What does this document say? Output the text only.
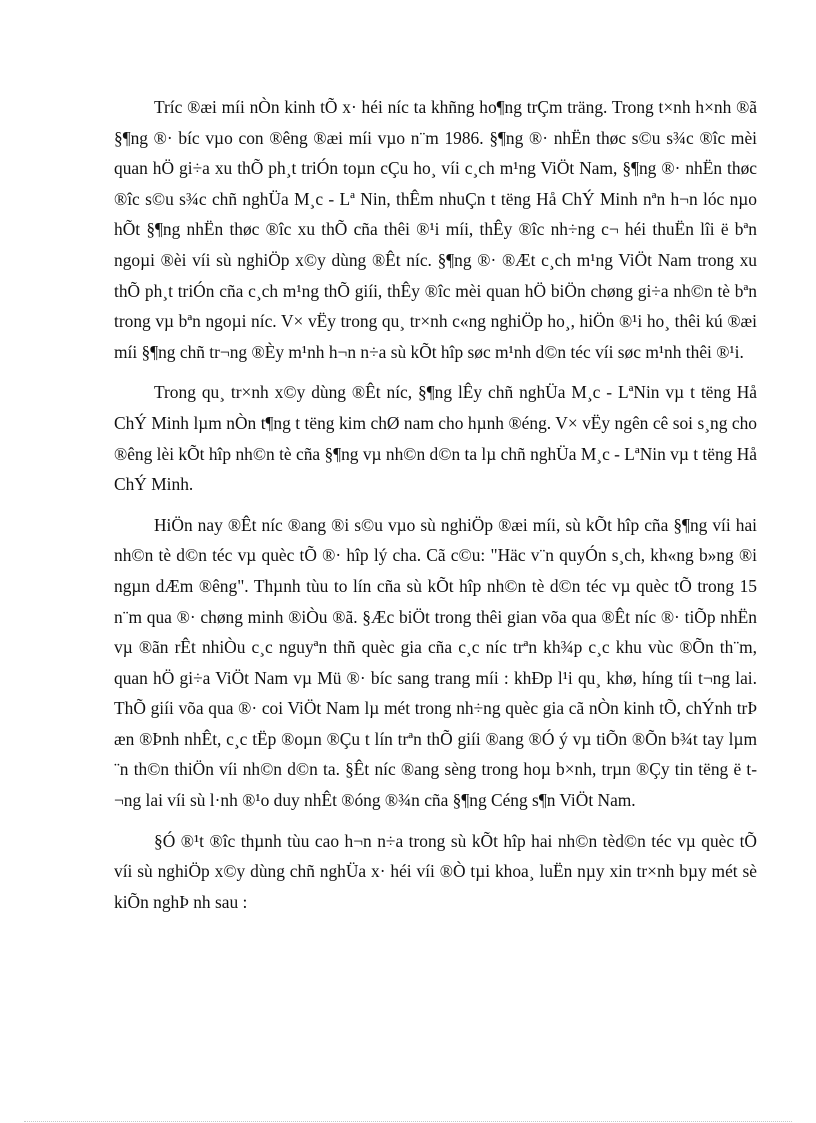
Tríc ®æi míi nÒn kinh tÕ x· héi níc ta khñng ho¶ng trÇm träng. Trong t×nh h×nh ®ã §¶ng ®· bíc vµo con ®êng ®æi míi vµo n¨m 1986. §¶ng ®· nhËn thøc s©u s¾c ®îc mèi quan hÖ gi÷a xu thÕ ph¸t triÓn toµn cÇu ho¸ víi c¸ch m¹ng ViÖt Nam, §¶ng ®· nhËn thøc ®îc s©u s¾c chñ nghÜa M¸c - Lª Nin, thÊm nhuÇn t tëng Hå ChÝ Minh nªn h¬n lóc nµo hÕt §¶ng nhËn thøc ®îc xu thÕ cña thêi ®¹i míi, thÊy ®îc nh÷ng c¬ héi thuËn lîi ë bªn ngoµi ®èi víi sù nghiÖp x©y dùng ®Êt níc. §¶ng ®· ®Æt c¸ch m¹ng ViÖt Nam trong xu thÕ ph¸t triÓn cña c¸ch m¹ng thÕ giíi, thÊy ®îc mèi quan hÖ biÖn chøng gi÷a nh©n tè bªn trong vµ bªn ngoµi níc. V× vËy trong qu¸ tr×nh c«ng nghiÖp ho¸, hiÖn ®¹i ho¸ thêi kú ®æi míi §¶ng chñ tr¬ng ®Èy m¹nh h¬n n÷a sù kÕt hîp søc m¹nh d©n téc víi søc m¹nh thêi ®¹i.

Trong qu¸ tr×nh x©y dùng ®Êt níc, §¶ng lÊy chñ nghÜa M¸c - LªNin vµ t tëng Hå ChÝ Minh lµm nÒn t¶ng t tëng kim chØ nam cho hµnh ®éng. V× vËy ngên cê soi s¸ng cho ®êng lèi kÕt hîp nh©n tè cña §¶ng vµ nh©n d©n ta lµ chñ nghÜa M¸c - LªNin vµ t tëng Hå ChÝ Minh.

HiÖn nay ®Êt níc ®ang ®i s©u vµo sù nghiÖp ®æi míi, sù kÕt hîp cña §¶ng víi hai nh©n tè d©n téc vµ quèc tÕ ®· hîp lý cha. Cã c©u: "Häc v¨n quyÓn s¸ch, kh«ng b»ng ®i ngµn dÆm ®êng". Thµnh tùu to lín cña sù kÕt hîp nh©n tè d©n téc vµ quèc tÕ trong 15 n¨m qua ®· chøng minh ®iÒu ®ã. §Æc biÖt trong thêi gian võa qua ®Êt níc ®· tiÕp nhËn vµ ®ãn rÊt nhiÒu c¸c nguyªn thñ quèc gia cña c¸c níc trªn kh¾p c¸c khu vùc ®Õn th¨m, quan hÖ gi÷a ViÖt Nam vµ Mü ®· bíc sang trang míi : khÐp l¹i qu¸ khø, híng tíi t¬ng lai. ThÕ giíi võa qua ®· coi ViÖt Nam lµ mét trong nh÷ng quèc gia cã nÒn kinh tÕ, chÝnh trÞ æn ®Þnh nhÊt, c¸c tËp ®oµn ®Çu t lín trªn thÕ giíi ®ang ®Ó ý vµ tiÕn ®Õn b¾t tay lµm ¨n th©n thiÖn víi nh©n d©n ta. §Êt níc ®ang sèng trong hoµ b×nh, trµn ®Çy tin tëng ë t¬ng lai víi sù l·nh ®¹o duy nhÊt ®óng ®¾n cña §¶ng Céng s¶n ViÖt Nam.

§Ó ®¹t ®îc thµnh tùu cao h¬n n÷a trong sù kÕt hîp hai nh©n tèd©n téc vµ quèc tÕ víi sù nghiÖp x©y dùng chñ nghÜa x· héi víi ®Ò tµi khoa¸ luËn nµy xin tr×nh bµy mét sè kiÕn nghÞ nh sau :
